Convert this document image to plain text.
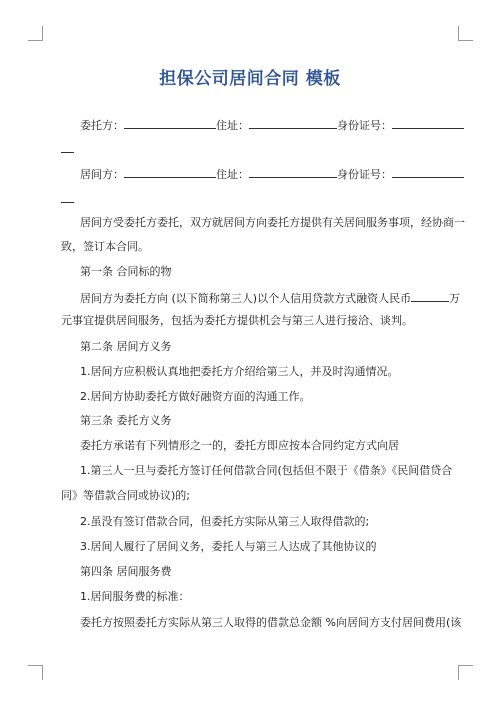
担保公司居间合同 模板
委托方：	住址：	身份证号：
居间方：	住址：	身份证号：
居间方受委托方委托，双方就居间方向委托方提供有关居间服务事项，经协商一
致，签订本合同。
第一条 合同标的物
居间方为委托方向 (以下简称第三人)以个人信用贷款方式融资人民币	万
元事宜提供居间服务，包括为委托方提供机会与第三人进行接洽、谈判。
第二条 居间方义务
1.居间方应积极认真地把委托方介绍给第三人，并及时沟通情况。
2.居间方协助委托方做好融资方面的沟通工作。
第三条 委托方义务
委托方承诺有下列情形之一的，委托方即应按本合同约定方式向居
1.第三人一旦与委托方签订任何借款合同(包括但不限于《借条》《民间借贷合
同》等借款合同或协议)的;
2.虽没有签订借款合同，但委托方实际从第三人取得借款的;
3.居间人履行了居间义务，委托人与第三人达成了其他协议的
第四条 居间服务费
1.居间服务费的标准：
委托方按照委托方实际从第三人取得的借款总金额 %向居间方支付居间费用(该
